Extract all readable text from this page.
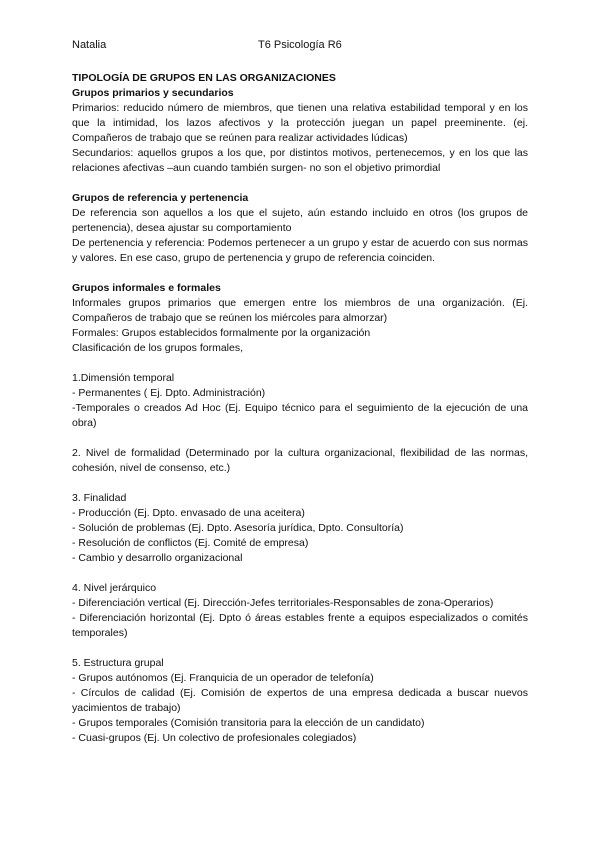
Natalia	T6 Psicología R6

TIPOLOGÍA DE GRUPOS EN LAS ORGANIZACIONES

Grupos primarios y secundarios

Primarios: reducido número de miembros, que tienen una relativa estabilidad temporal y en los que la intimidad, los lazos afectivos y la protección juegan un papel preeminente. (ej. Compañeros de trabajo que se reúnen para realizar actividades lúdicas)

Secundarios: aquellos grupos a los que, por distintos motivos, pertenecemos, y en los que las relaciones afectivas –aun cuando también surgen- no son el objetivo primordial

Grupos de referencia y pertenencia

De referencia son aquellos a los que el sujeto, aún estando incluido en otros (los grupos de pertenencia), desea ajustar su comportamiento

De pertenencia y referencia: Podemos pertenecer a un grupo y estar de acuerdo con sus normas y valores. En ese caso, grupo de pertenencia y grupo de referencia coinciden.

Grupos informales e formales

Informales grupos primarios que emergen entre los miembros de una organización. (Ej. Compañeros de trabajo que se reúnen los miércoles para almorzar)

Formales: Grupos establecidos formalmente por la organización

Clasificación de los grupos formales,

1.Dimensión temporal

- Permanentes ( Ej. Dpto. Administración)

-Temporales o creados Ad Hoc (Ej. Equipo técnico para el seguimiento de la ejecución de una obra)

2. Nivel de formalidad (Determinado por la cultura organizacional, flexibilidad de las normas, cohesión, nivel de consenso, etc.)

3. Finalidad

- Producción (Ej. Dpto. envasado de una aceitera)

- Solución de problemas (Ej. Dpto. Asesoría jurídica, Dpto. Consultoría)

- Resolución de conflictos (Ej. Comité de empresa)

- Cambio y desarrollo organizacional

4. Nivel jerárquico

- Diferenciación vertical (Ej. Dirección-Jefes territoriales-Responsables de zona-Operarios)

- Diferenciación horizontal (Ej. Dpto ó áreas estables frente a equipos especializados o comités temporales)

5. Estructura grupal

- Grupos autónomos (Ej. Franquicia de un operador de telefonía)

- Círculos de calidad (Ej. Comisión de expertos de una empresa dedicada a buscar nuevos yacimientos de trabajo)

- Grupos temporales (Comisión transitoria para la elección de un candidato)

- Cuasi-grupos (Ej. Un colectivo de profesionales colegiados)
